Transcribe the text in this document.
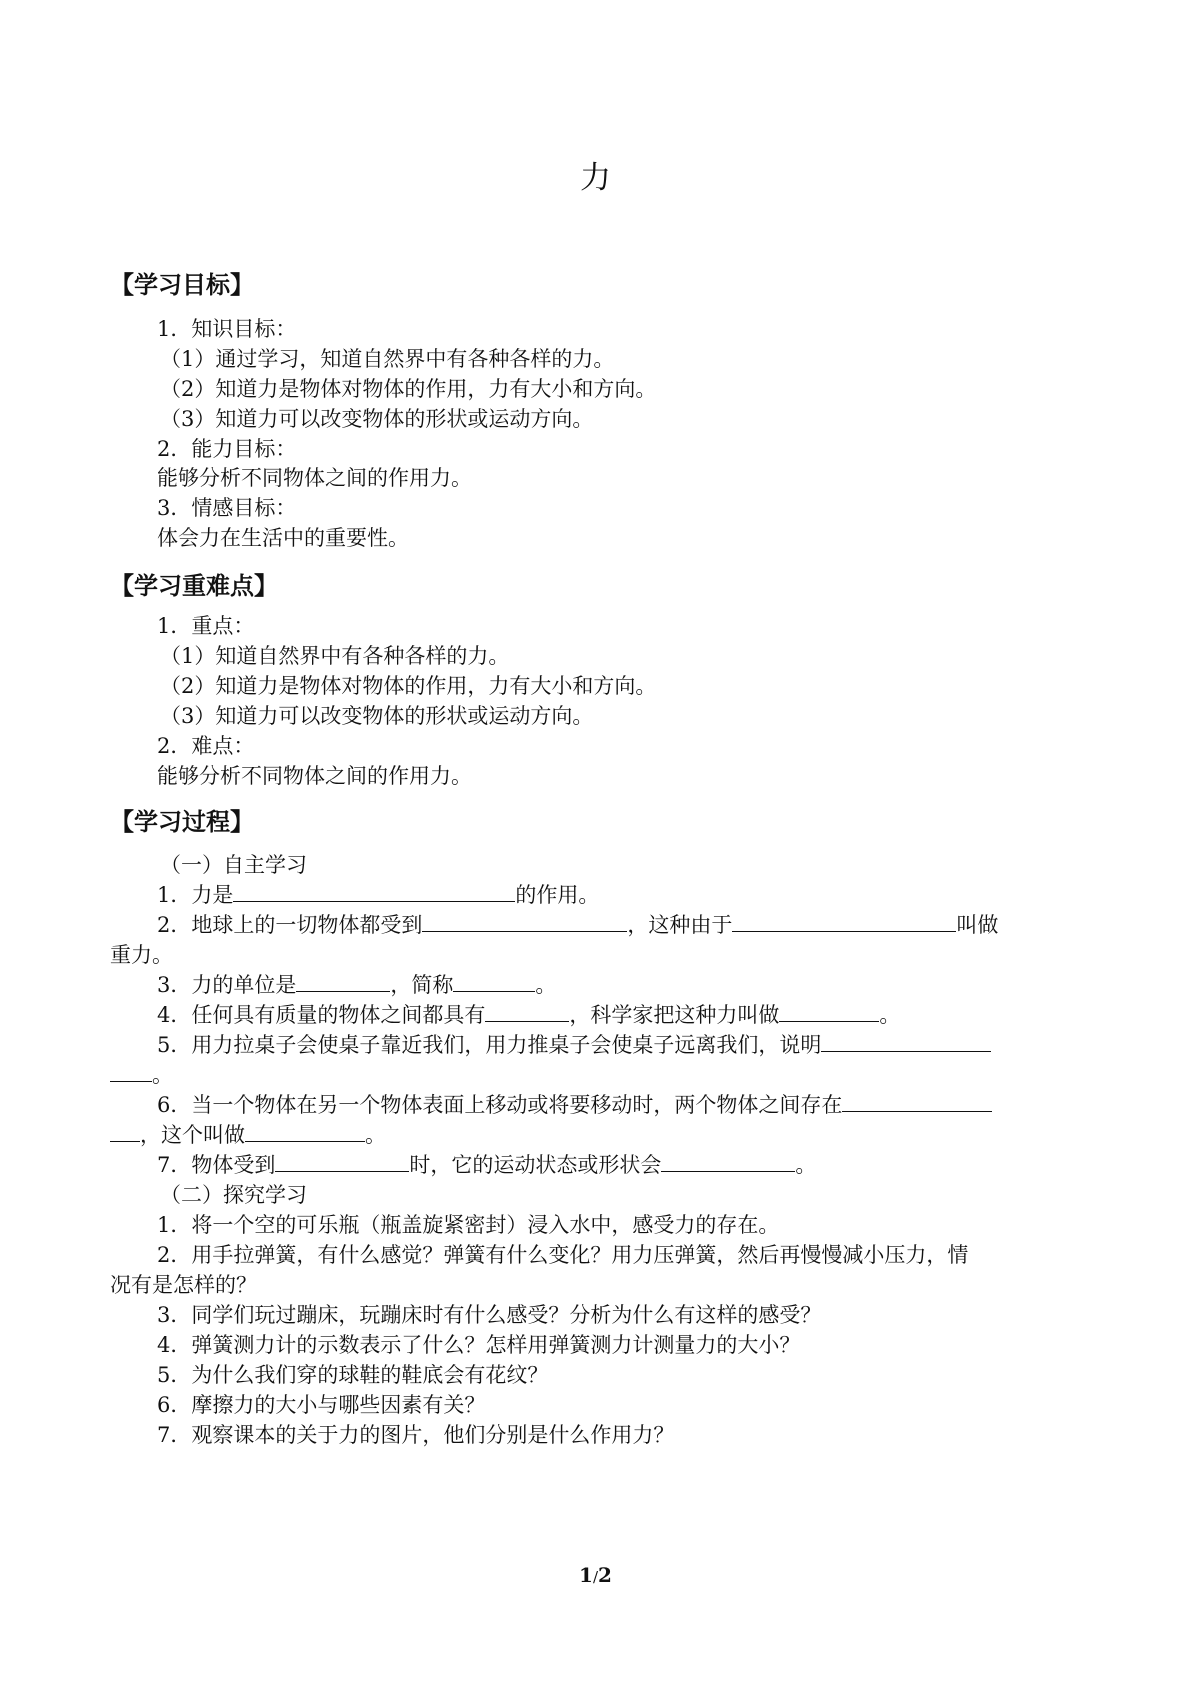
力
【学习目标】
1．知识目标：
（1）通过学习，知道自然界中有各种各样的力。
（2）知道力是物体对物体的作用，力有大小和方向。
（3）知道力可以改变物体的形状或运动方向。
2．能力目标：
能够分析不同物体之间的作用力。
3．情感目标：
体会力在生活中的重要性。
【学习重难点】
1．重点：
（1）知道自然界中有各种各样的力。
（2）知道力是物体对物体的作用，力有大小和方向。
（3）知道力可以改变物体的形状或运动方向。
2．难点：
能够分析不同物体之间的作用力。
【学习过程】
（一）自主学习
1．力是	的作用。
2．地球上的一切物体都受到	，这种由于	叫做
重力。
3．力的单位是	，简称	。
4．任何具有质量的物体之间都具有	，科学家把这种力叫做	。
5．用力拉桌子会使桌子靠近我们，用力推桌子会使桌子远离我们，说明
。
6．当一个物体在另一个物体表面上移动或将要移动时，两个物体之间存在
，这个叫做	。
7．物体受到	时，它的运动状态或形状会	。
（二）探究学习
1．将一个空的可乐瓶（瓶盖旋紧密封）浸入水中，感受力的存在。
2．用手拉弹簧，有什么感觉？弹簧有什么变化？用力压弹簧，然后再慢慢减小压力，情
况有是怎样的？
3．同学们玩过蹦床，玩蹦床时有什么感受？分析为什么有这样的感受？
4．弹簧测力计的示数表示了什么？怎样用弹簧测力计测量力的大小？
5．为什么我们穿的球鞋的鞋底会有花纹？
6．摩擦力的大小与哪些因素有关？
7．观察课本的关于力的图片，他们分别是什么作用力？
1/2
